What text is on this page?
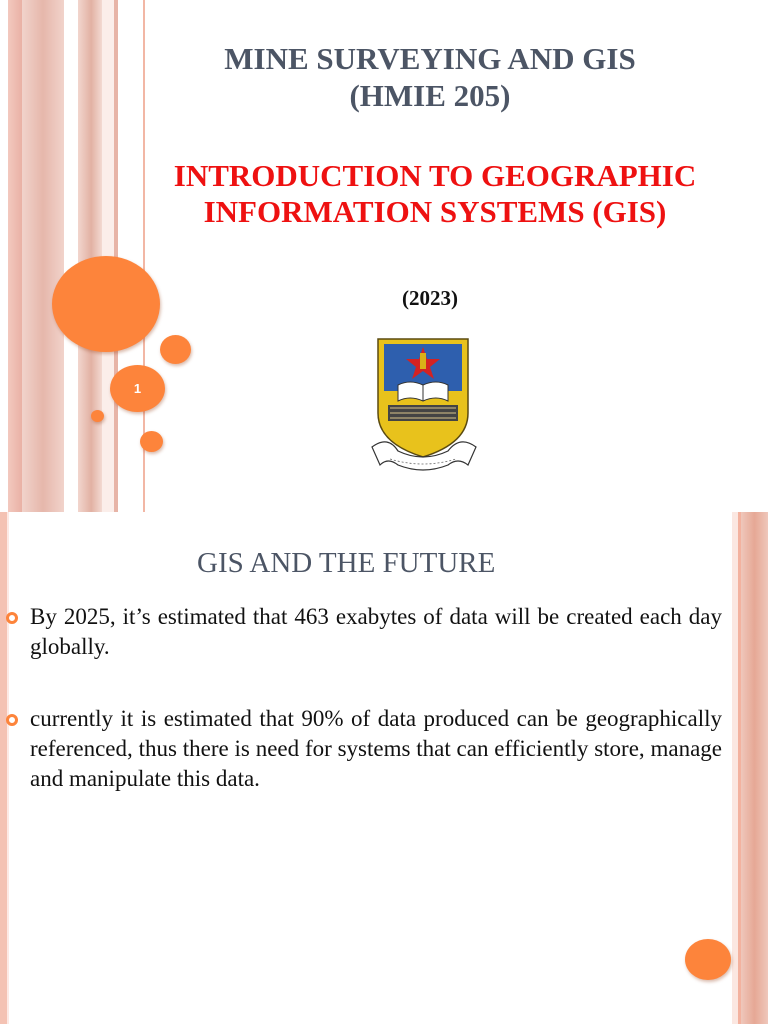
1
MINE SURVEYING AND GIS
(HMIE 205)
INTRODUCTION TO GEOGRAPHIC
INFORMATION SYSTEMS (GIS)
(2023)
GIS AND THE FUTURE
By 2025, it’s estimated that 463 exabytes of data will be created each day globally.
currently it is estimated that 90% of data produced can be geographically referenced, thus there is need for systems that can efficiently store, manage and manipulate this data.
